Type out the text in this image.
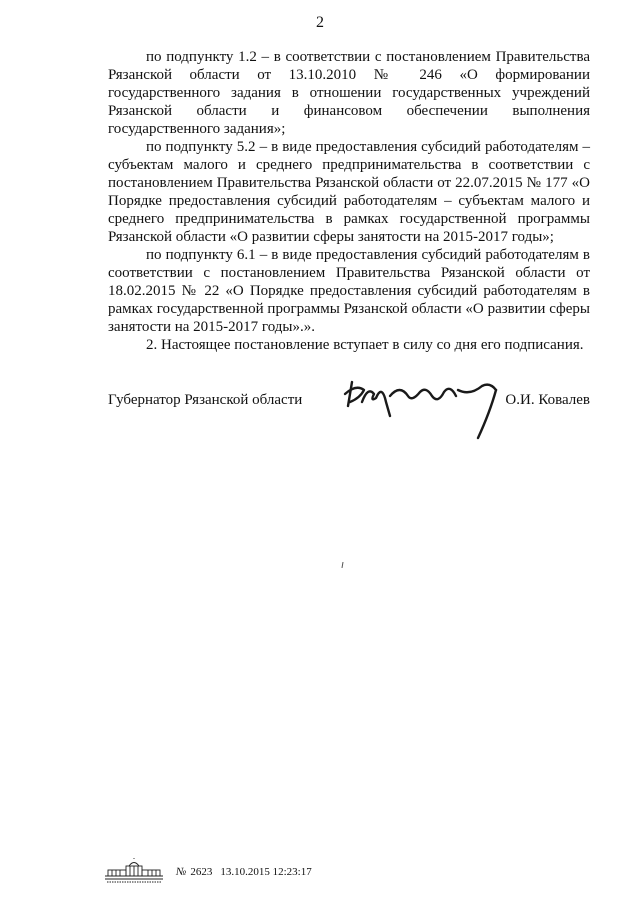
2

по подпункту 1.2 – в соответствии с постановлением Правительства Рязанской области от 13.10.2010 № 246 «О формировании государственного задания в отношении государственных учреждений Рязанской области и финансовом обеспечении выполнения государственного задания»;

по подпункту 5.2 – в виде предоставления субсидий работодателям – субъектам малого и среднего предпринимательства в соответствии с постановлением Правительства Рязанской области от 22.07.2015 № 177 «О Порядке предоставления субсидий работодателям – субъектам малого и среднего предпринимательства в рамках государственной программы Рязанской области «О развитии сферы занятости на 2015-2017 годы»;

по подпункту 6.1 – в виде предоставления субсидий работодателям в соответствии с постановлением Правительства Рязанской области от 18.02.2015 № 22 «О Порядке предоставления субсидий работодателям в рамках государственной программы Рязанской области «О развитии сферы занятости на 2015-2017 годы».».

2. Настоящее постановление вступает в силу со дня его подписания.

Губернатор Рязанской области	О.И. Ковалев
№ 2623 13.10.2015 12:23:17
